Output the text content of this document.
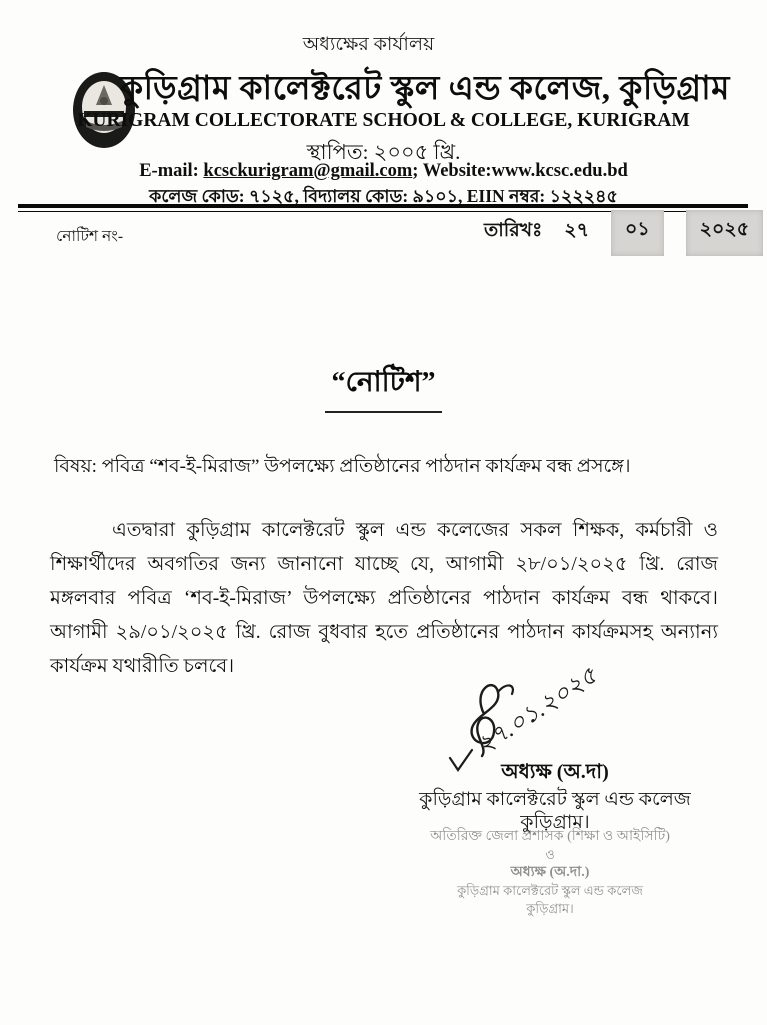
অধ্যক্ষের কার্যালয়
কুড়িগ্রাম কালেক্টরেট স্কুল এন্ড কলেজ, কুড়িগ্রাম
KURIGRAM COLLECTORATE SCHOOL & COLLEGE, KURIGRAM
স্থাপিত: ২০০৫ খ্রি.
E-mail: kcsckurigram@gmail.com; Website:www.kcsc.edu.bd
কলেজ কোড: ৭১২৫, বিদ্যালয় কোড: ৯১০১, EIIN নম্বর: ১২২২৪৫
নোটিশ নং-	তারিখঃ ২৭	০১	২০২৫
“নোটিশ”
বিষয়: পবিত্র “শব-ই-মিরাজ” উপলক্ষ্যে প্রতিষ্ঠানের পাঠদান কার্যক্রম বন্ধ প্রসঙ্গে।
এতদ্বারা কুড়িগ্রাম কালেক্টরেট স্কুল এন্ড কলেজের সকল শিক্ষক, কর্মচারী ও শিক্ষার্থীদের অবগতির জন্য জানানো যাচ্ছে যে, আগামী ২৮/০১/২০২৫ খ্রি. রোজ মঙ্গলবার পবিত্র ‘শব-ই-মিরাজ’ উপলক্ষ্যে প্রতিষ্ঠানের পাঠদান কার্যক্রম বন্ধ থাকবে। আগামী ২৯/০১/২০২৫ খ্রি. রোজ বুধবার হতে প্রতিষ্ঠানের পাঠদান কার্যক্রমসহ অন্যান্য কার্যক্রম যথারীতি চলবে।	২৭.০১.২০২৫
অধ্যক্ষ (অ.দা)
কুড়িগ্রাম কালেক্টরেট স্কুল এন্ড কলেজ
কুড়িগ্রাম।
অতিরিক্ত জেলা প্রশাসক (শিক্ষা ও আইসিটি)
ও
অধ্যক্ষ (অ.দা.)
কুড়িগ্রাম কালেক্টরেট স্কুল এন্ড কলেজ
কুড়িগ্রাম।
